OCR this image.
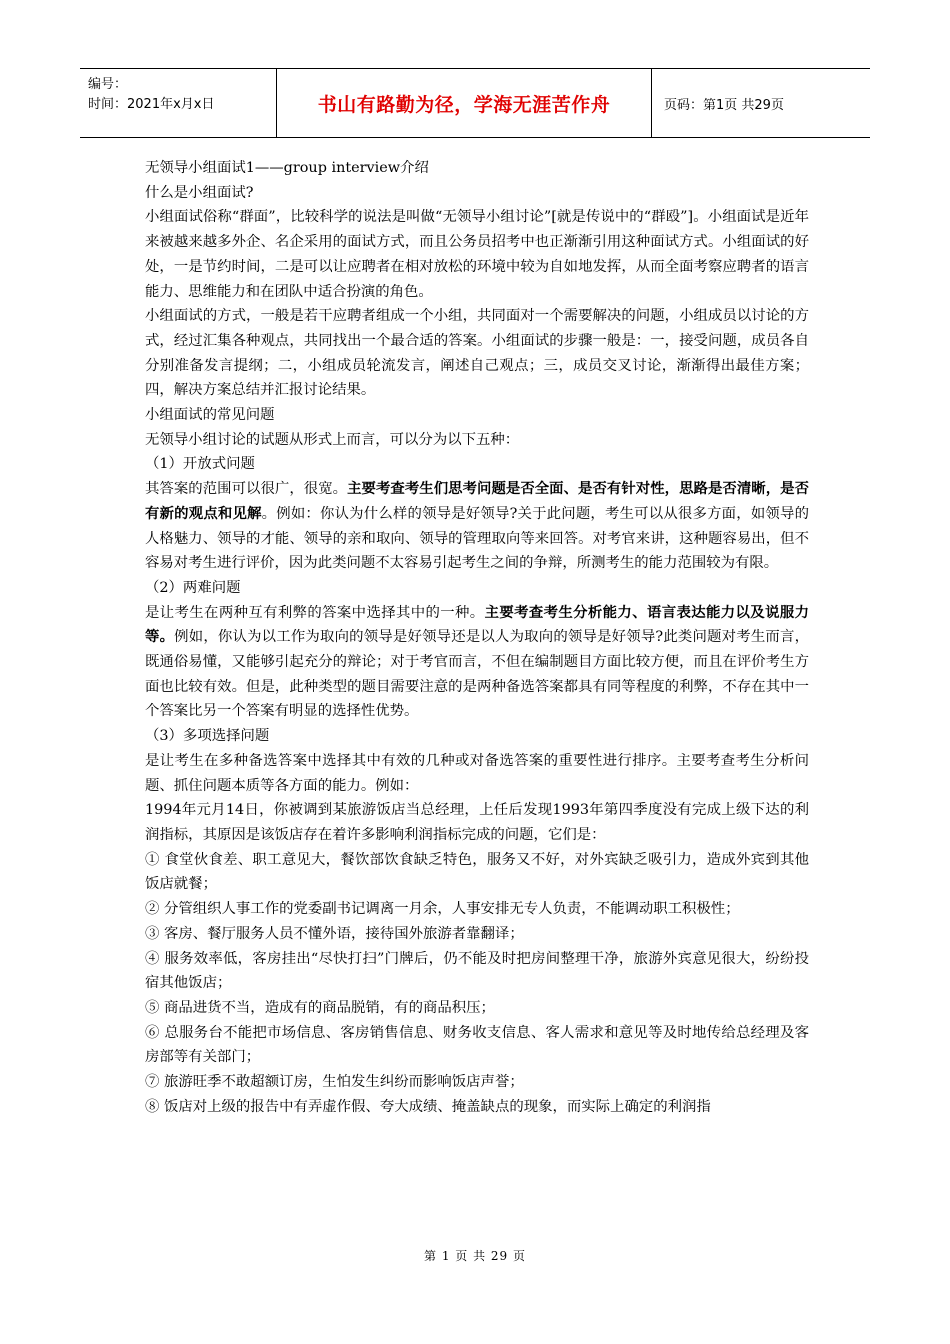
编号：
时间：2021年x月x日	书山有路勤为径，学海无涯苦作舟	页码：第1页 共29页

无领导小组面试1——group interview介绍

什么是小组面试?

小组面试俗称“群面”，比较科学的说法是叫做“无领导小组讨论”[就是传说中的“群殴”]。小组面试是近年来被越来越多外企、名企采用的面试方式，而且公务员招考中也正渐渐引用这种面试方式。小组面试的好处，一是节约时间，二是可以让应聘者在相对放松的环境中较为自如地发挥，从而全面考察应聘者的语言能力、思维能力和在团队中适合扮演的角色。

小组面试的方式，一般是若干应聘者组成一个小组，共同面对一个需要解决的问题，小组成员以讨论的方式，经过汇集各种观点，共同找出一个最合适的答案。小组面试的步骤一般是：一，接受问题，成员各自分别准备发言提纲；二，小组成员轮流发言，阐述自己观点；三，成员交叉讨论，渐渐得出最佳方案；四，解决方案总结并汇报讨论结果。

小组面试的常见问题

无领导小组讨论的试题从形式上而言，可以分为以下五种：

（1）开放式问题

其答案的范围可以很广，很宽。主要考查考生们思考问题是否全面、是否有针对性，思路是否清晰，是否有新的观点和见解。例如：你认为什么样的领导是好领导?关于此问题，考生可以从很多方面，如领导的人格魅力、领导的才能、领导的亲和取向、领导的管理取向等来回答。对考官来讲，这种题容易出，但不容易对考生进行评价，因为此类问题不太容易引起考生之间的争辩，所测考生的能力范围较为有限。

（2）两难问题

是让考生在两种互有利弊的答案中选择其中的一种。主要考查考生分析能力、语言表达能力以及说服力等。例如，你认为以工作为取向的领导是好领导还是以人为取向的领导是好领导?此类问题对考生而言，既通俗易懂，又能够引起充分的辩论；对于考官而言，不但在编制题目方面比较方便，而且在评价考生方面也比较有效。但是，此种类型的题目需要注意的是两种备选答案都具有同等程度的利弊，不存在其中一个答案比另一个答案有明显的选择性优势。

（3）多项选择问题

是让考生在多种备选答案中选择其中有效的几种或对备选答案的重要性进行排序。主要考查考生分析问题、抓住问题本质等各方面的能力。例如：

1994年元月14日，你被调到某旅游饭店当总经理，上任后发现1993年第四季度没有完成上级下达的利润指标，其原因是该饭店存在着许多影响利润指标完成的问题，它们是：

① 食堂伙食差、职工意见大，餐饮部饮食缺乏特色，服务又不好，对外宾缺乏吸引力，造成外宾到其他饭店就餐；

② 分管组织人事工作的党委副书记调离一月余，人事安排无专人负责，不能调动职工积极性；

③ 客房、餐厅服务人员不懂外语，接待国外旅游者靠翻译；

④ 服务效率低，客房挂出“尽快打扫”门牌后，仍不能及时把房间整理干净，旅游外宾意见很大，纷纷投宿其他饭店；

⑤ 商品进货不当，造成有的商品脱销，有的商品积压；

⑥ 总服务台不能把市场信息、客房销售信息、财务收支信息、客人需求和意见等及时地传给总经理及客房部等有关部门；

⑦ 旅游旺季不敢超额订房，生怕发生纠纷而影响饭店声誉；

⑧ 饭店对上级的报告中有弄虚作假、夸大成绩、掩盖缺点的现象，而实际上确定的利润指

第 1 页 共 29 页
